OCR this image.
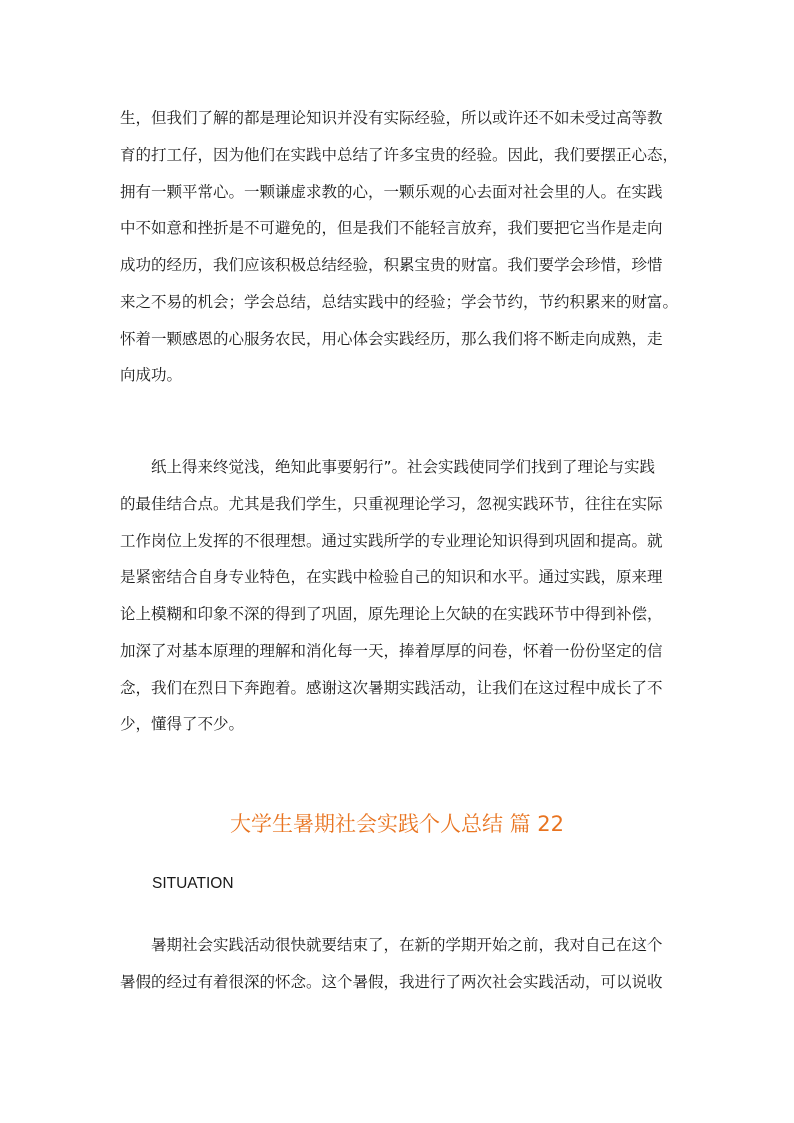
生，但我们了解的都是理论知识并没有实际经验，所以或许还不如未受过高等教
育的打工仔，因为他们在实践中总结了许多宝贵的经验。因此，我们要摆正心态，
拥有一颗平常心。一颗谦虚求教的心，一颗乐观的心去面对社会里的人。在实践
中不如意和挫折是不可避免的，但是我们不能轻言放弃，我们要把它当作是走向
成功的经历，我们应该积极总结经验，积累宝贵的财富。我们要学会珍惜，珍惜
来之不易的机会；学会总结，总结实践中的经验；学会节约，节约积累来的财富。
怀着一颗感恩的心服务农民，用心体会实践经历，那么我们将不断走向成熟，走
向成功。
纸上得来终觉浅，绝知此事要躬行”。社会实践使同学们找到了理论与实践
的最佳结合点。尤其是我们学生，只重视理论学习，忽视实践环节，往往在实际
工作岗位上发挥的不很理想。通过实践所学的专业理论知识得到巩固和提高。就
是紧密结合自身专业特色，在实践中检验自己的知识和水平。通过实践，原来理
论上模糊和印象不深的得到了巩固，原先理论上欠缺的在实践环节中得到补偿，
加深了对基本原理的理解和消化每一天，捧着厚厚的问卷，怀着一份份坚定的信
念，我们在烈日下奔跑着。感谢这次暑期实践活动，让我们在这过程中成长了不
少，懂得了不少。
大学生暑期社会实践个人总结 篇 22
SITUATION
暑期社会实践活动很快就要结束了，在新的学期开始之前，我对自己在这个
暑假的经过有着很深的怀念。这个暑假，我进行了两次社会实践活动，可以说收
